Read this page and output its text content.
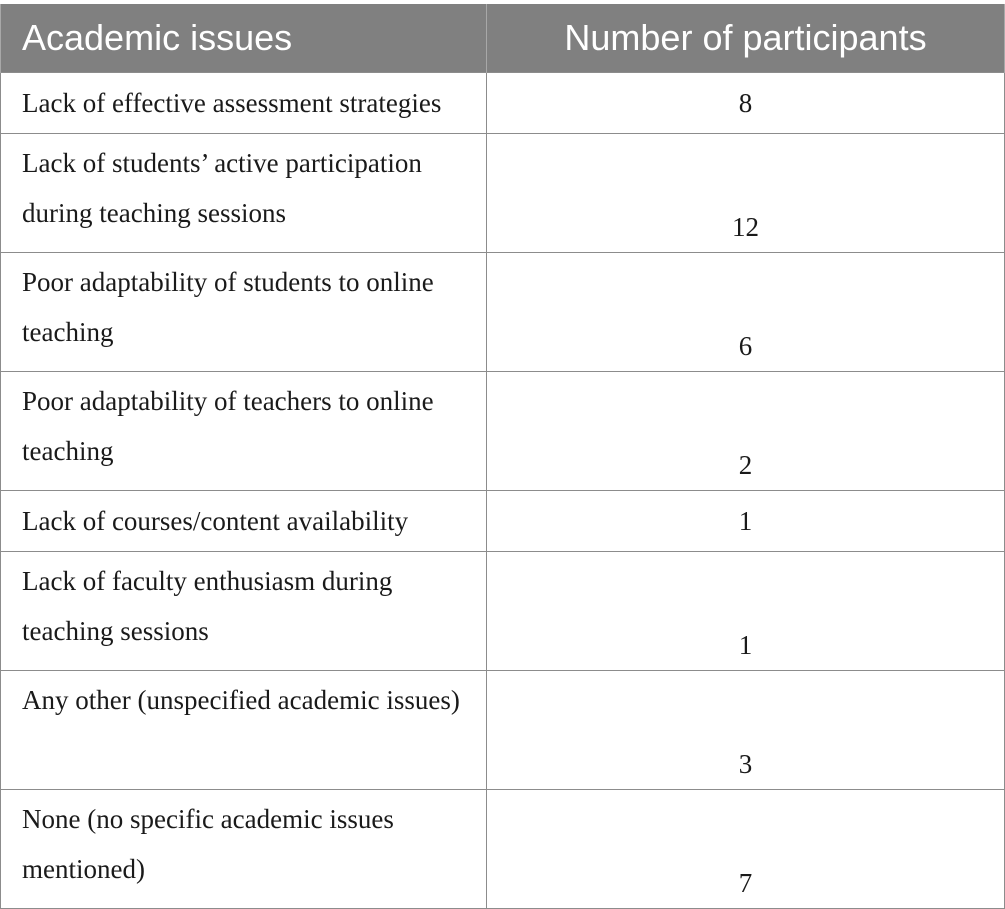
Academic issues	Number of participants
Lack of effective assessment strategies	8
Lack of students’ active participation during teaching sessions	12
Poor adaptability of students to online teaching	6
Poor adaptability of teachers to online teaching	2
Lack of courses/content availability	1
Lack of faculty enthusiasm during teaching sessions	1
Any other (unspecified academic issues)	3
None (no specific academic issues mentioned)	7
